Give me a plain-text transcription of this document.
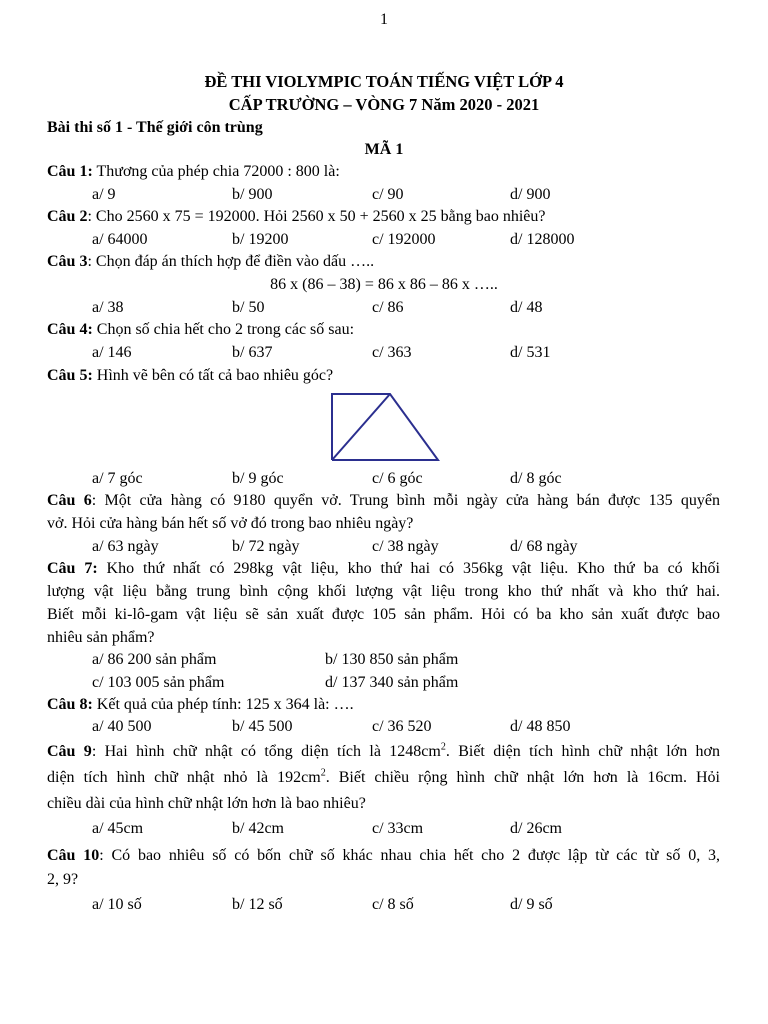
1
ĐỀ THI VIOLYMPIC TOÁN TIẾNG VIỆT LỚP 4
CẤP TRƯỜNG – VÒNG 7 Năm 2020 - 2021
Bài thi số 1 - Thế giới côn trùng
MÃ 1
Câu 1: Thương của phép chia 72000 : 800 là:
a/ 9	b/ 900	c/ 90	d/ 900
Câu 2: Cho 2560 x 75 = 192000. Hỏi 2560 x 50 + 2560 x 25 bằng bao nhiêu?
a/ 64000	b/ 19200	c/ 192000	d/ 128000
Câu 3: Chọn đáp án thích hợp để điền vào dấu …..
86 x (86 – 38) = 86 x 86 – 86 x …..
a/ 38	b/ 50	c/ 86	d/ 48
Câu 4: Chọn số chia hết cho 2 trong các số sau:
a/ 146	b/ 637	c/ 363	d/ 531
Câu 5: Hình vẽ bên có tất cả bao nhiêu góc?
a/ 7 góc	b/ 9 góc	c/ 6 góc	d/ 8 góc
Câu 6: Một cửa hàng có 9180 quyển vở. Trung bình mỗi ngày cửa hàng bán được 135 quyển
vở. Hỏi cửa hàng bán hết số vở đó trong bao nhiêu ngày?
a/ 63 ngày	b/ 72 ngày	c/ 38 ngày	d/ 68 ngày
Câu 7: Kho thứ nhất có 298kg vật liệu, kho thứ hai có 356kg vật liệu. Kho thứ ba có khối
lượng vật liệu bằng trung bình cộng khối lượng vật liệu trong kho thứ nhất và kho thứ hai.
Biết mỗi ki-lô-gam vật liệu sẽ sản xuất được 105 sản phẩm. Hỏi có ba kho sản xuất được bao
nhiêu sản phẩm?
a/ 86 200 sản phẩm	b/ 130 850 sản phẩm
c/ 103 005 sản phẩm	d/ 137 340 sản phẩm
Câu 8: Kết quả của phép tính: 125 x 364 là: ….
a/ 40 500	b/ 45 500	c/ 36 520	d/ 48 850
Câu 9: Hai hình chữ nhật có tổng diện tích là $1248cm^2$. Biết diện tích hình chữ nhật lớn hơn
diện tích hình chữ nhật nhỏ là $192cm^2$. Biết chiều rộng hình chữ nhật lớn hơn là 16cm. Hỏi
chiều dài của hình chữ nhật lớn hơn là bao nhiêu?
a/ 45cm	b/ 42cm	c/ 33cm	d/ 26cm
Câu 10: Có bao nhiêu số có bốn chữ số khác nhau chia hết cho 2 được lập từ các từ số 0, 3,
2, 9?
a/ 10 số	b/ 12 số	c/ 8 số	d/ 9 số
